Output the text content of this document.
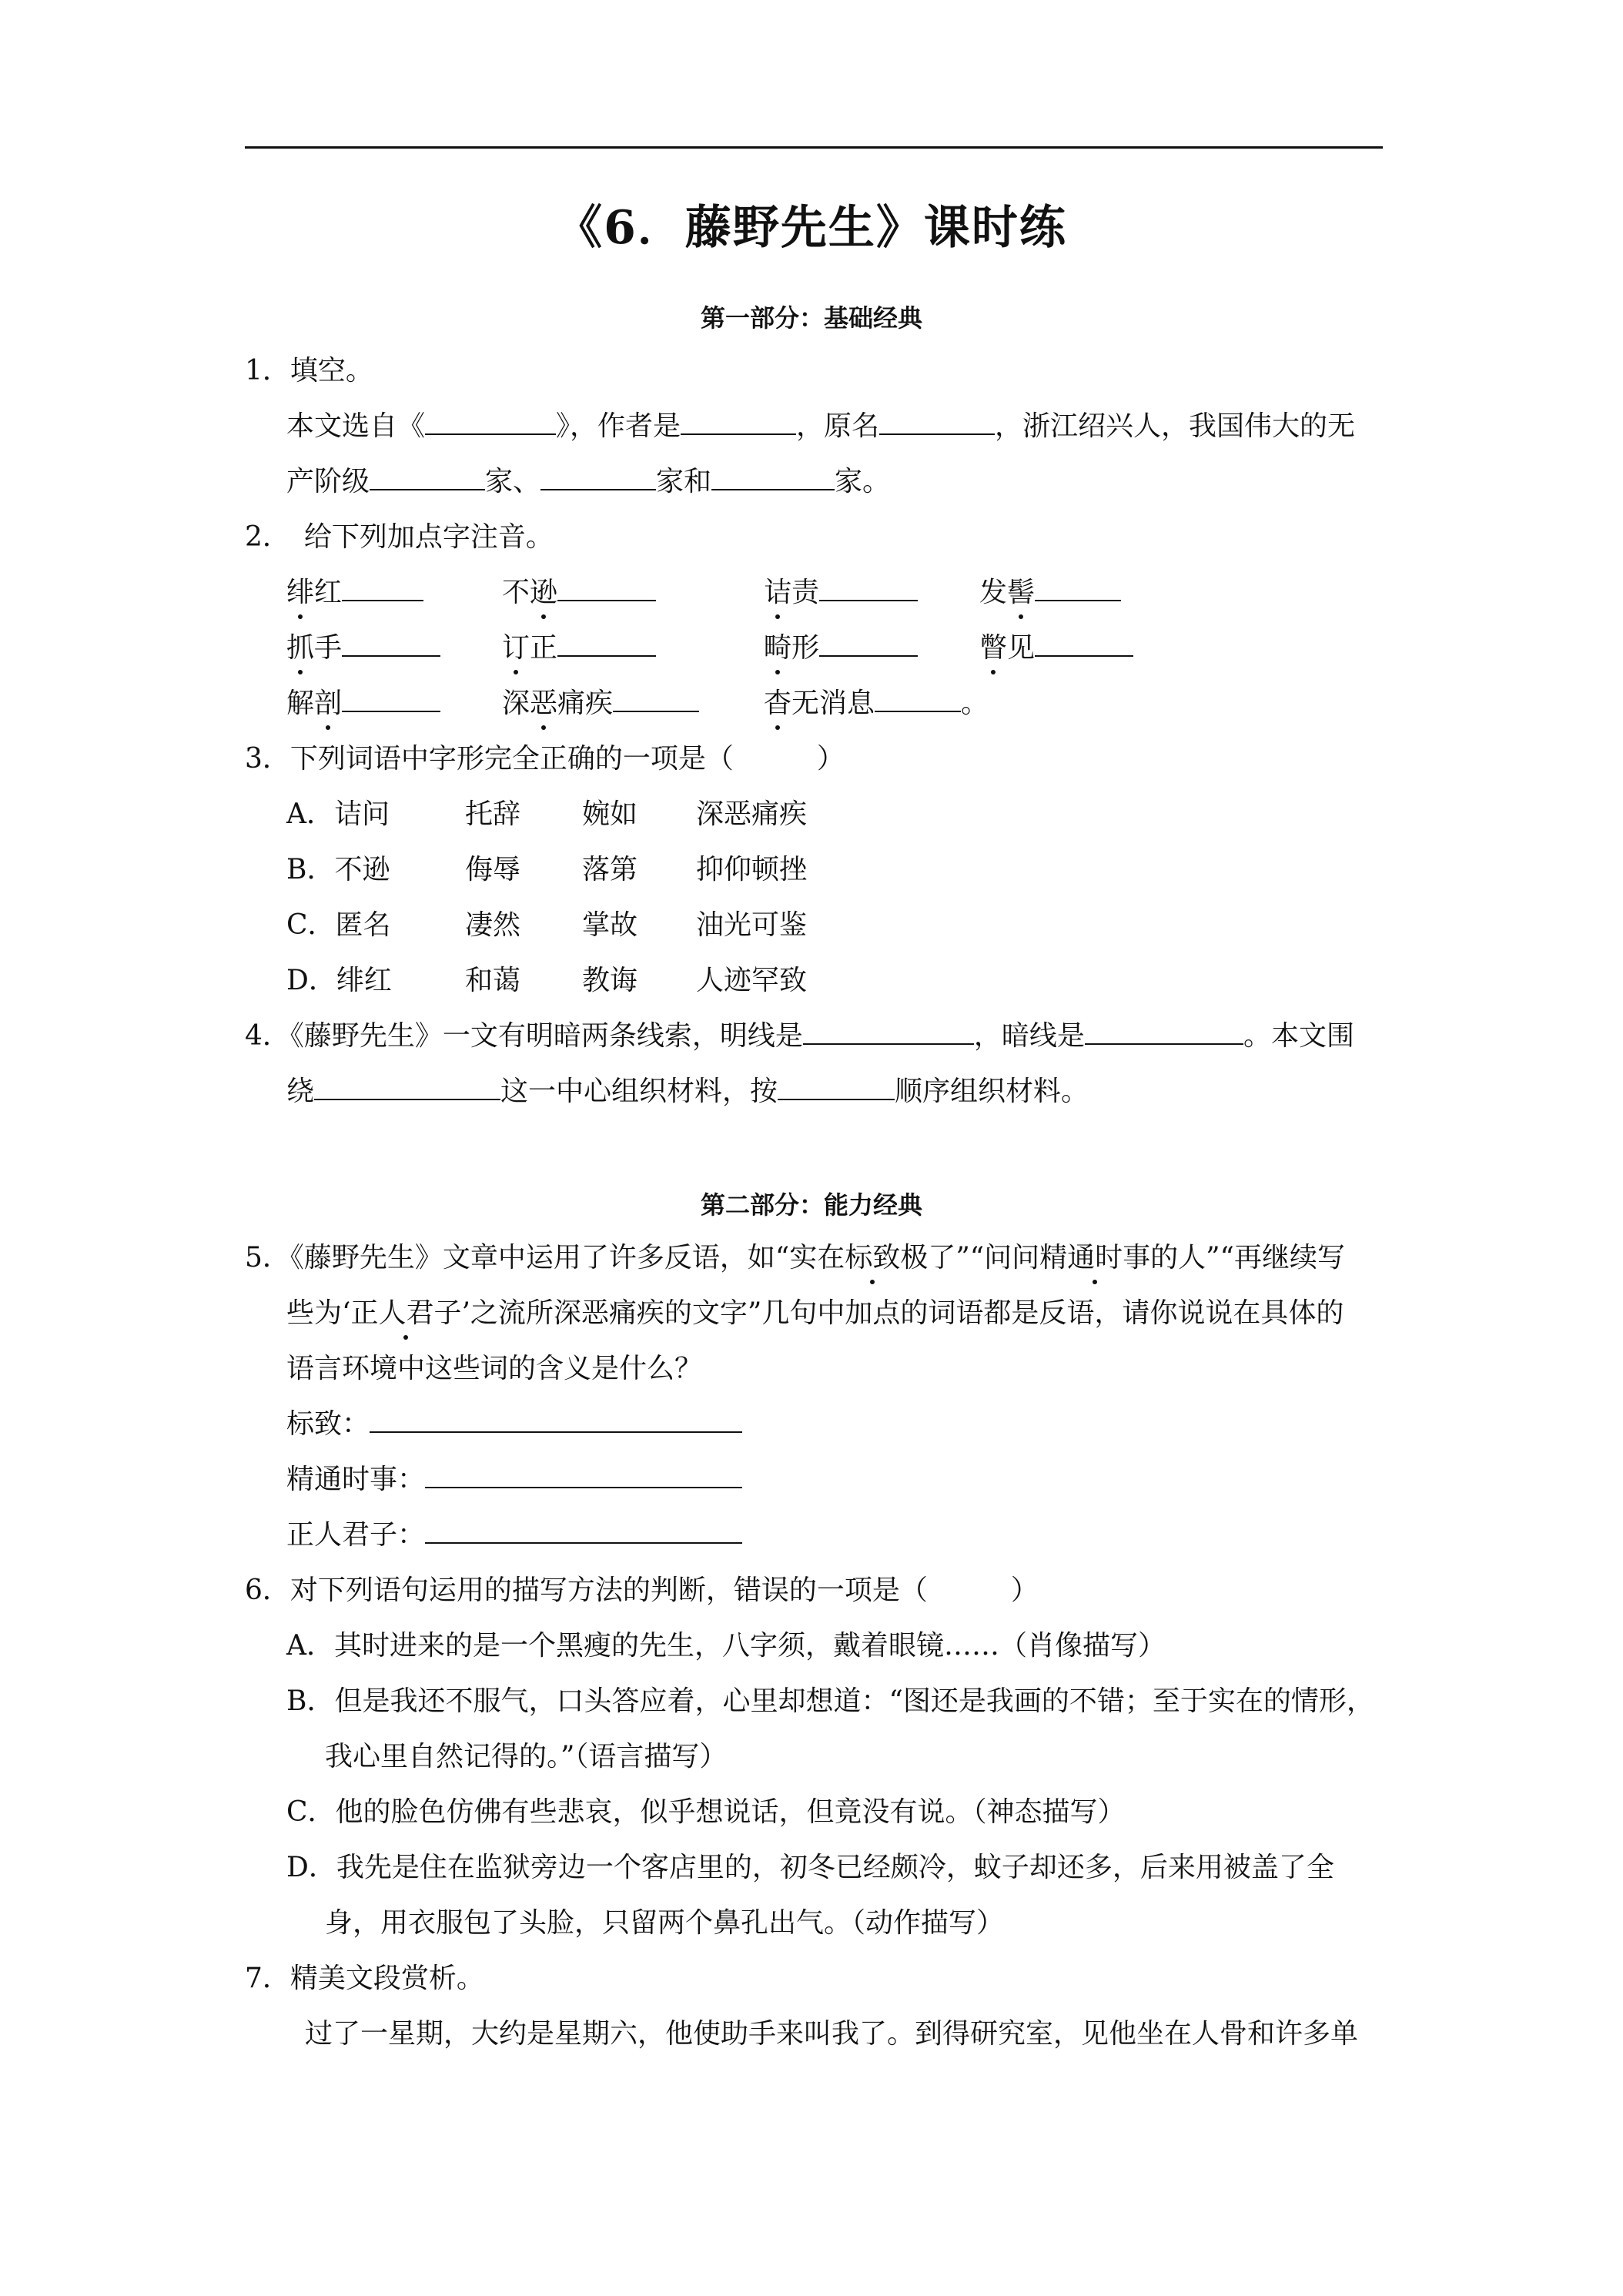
《6．藤野先生》课时练
第一部分：基础经典
1．填空。
本文选自《	》，作者是	，原名	，浙江绍兴人，我国伟大的无
产阶级	家、	家和	家。
2． 给下列加点字注音。
绯红	不逊	诘责	发髻
抓手	订正	畸形	瞥见
解剖	深恶痛疾	杳无消息	。
3．下列词语中字形完全正确的一项是（　　　）
A．诘问	托辞 婉如 深恶痛疾
B．不逊	侮辱 落第 抑仰顿挫
C．匿名	凄然 掌故 油光可鉴
D．绯红	和蔼 教诲 人迹罕致
4．《藤野先生》一文有明暗两条线索，明线是	，暗线是	。本文围
绕	这一中心组织材料，按	顺序组织材料。
第二部分：能力经典
5．《藤野先生》文章中运用了许多反语，如“实在标致极了”“问问精通时事的人”“再继续写
些为‘正人君子’之流所深恶痛疾的文字”几句中加点的词语都是反语，请你说说在具体的
语言环境中这些词的含义是什么？
标致：
精通时事：
正人君子：
6．对下列语句运用的描写方法的判断，错误的一项是（　　　）
A．其时进来的是一个黑瘦的先生，八字须，戴着眼镜……（肖像描写）
B．但是我还不服气，口头答应着，心里却想道：“图还是我画的不错；至于实在的情形，
我心里自然记得的。”（语言描写）
C．他的脸色仿佛有些悲哀，似乎想说话，但竟没有说。（神态描写）
D．我先是住在监狱旁边一个客店里的，初冬已经颇冷，蚊子却还多，后来用被盖了全
身，用衣服包了头脸，只留两个鼻孔出气。（动作描写）
7．精美文段赏析。
过了一星期，大约是星期六，他使助手来叫我了。到得研究室，见他坐在人骨和许多单
